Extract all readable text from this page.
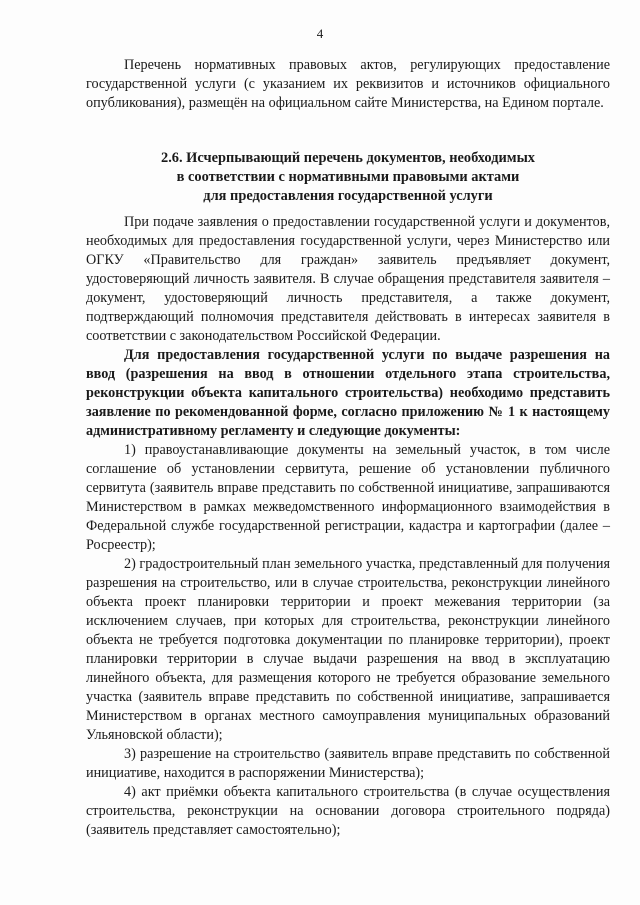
4

Перечень нормативных правовых актов, регулирующих предоставление государственной услуги (с указанием их реквизитов и источников официального опубликования), размещён на официальном сайте Министерства, на Едином портале.

2.6. Исчерпывающий перечень документов, необходимых
в соответствии с нормативными правовыми актами
для предоставления государственной услуги

При подаче заявления о предоставлении государственной услуги и документов, необходимых для предоставления государственной услуги, через Министерство или ОГКУ «Правительство для граждан» заявитель предъявляет документ, удостоверяющий личность заявителя. В случае обращения представителя заявителя – документ, удостоверяющий личность представителя, а также документ, подтверждающий полномочия представителя действовать в интересах заявителя в соответствии с законодательством Российской Федерации.

Для предоставления государственной услуги по выдаче разрешения на ввод (разрешения на ввод в отношении отдельного этапа строительства, реконструкции объекта капитального строительства) необходимо представить заявление по рекомендованной форме, согласно приложению № 1 к настоящему административному регламенту и следующие документы:

1) правоустанавливающие документы на земельный участок, в том числе соглашение об установлении сервитута, решение об установлении публичного сервитута (заявитель вправе представить по собственной инициативе, запрашиваются Министерством в рамках межведомственного информационного взаимодействия в Федеральной службе государственной регистрации, кадастра и картографии (далее – Росреестр);

2) градостроительный план земельного участка, представленный для получения разрешения на строительство, или в случае строительства, реконструкции линейного объекта проект планировки территории и проект межевания территории (за исключением случаев, при которых для строительства, реконструкции линейного объекта не требуется подготовка документации по планировке территории), проект планировки территории в случае выдачи разрешения на ввод в эксплуатацию линейного объекта, для размещения которого не требуется образование земельного участка (заявитель вправе представить по собственной инициативе, запрашивается Министерством в органах местного самоуправления муниципальных образований Ульяновской области);

3) разрешение на строительство (заявитель вправе представить по собственной инициативе, находится в распоряжении Министерства);

4) акт приёмки объекта капитального строительства (в случае осуществления строительства, реконструкции на основании договора строительного подряда) (заявитель представляет самостоятельно);
